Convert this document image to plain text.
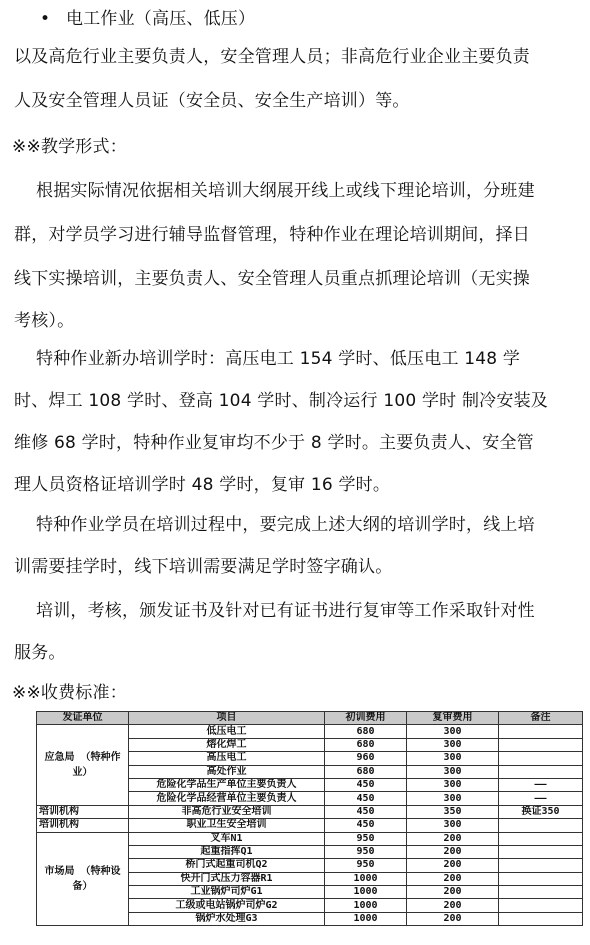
• 电工作业（高压、低压）
以及高危行业主要负责人，安全管理人员；非高危行业企业主要负责
人及安全管理人员证（安全员、安全生产培训）等。
※※教学形式：
根据实际情况依据相关培训大纲展开线上或线下理论培训，分班建
群，对学员学习进行辅导监督管理，特种作业在理论培训期间，择日
线下实操培训，主要负责人、安全管理人员重点抓理论培训（无实操
考核）。
特种作业新办培训学时：高压电工 154 学时、低压电工 148 学
时、焊工 108 学时、登高 104 学时、制冷运行 100 学时 制冷安装及
维修 68 学时，特种作业复审均不少于 8 学时。主要负责人、安全管
理人员资格证培训学时 48 学时，复审 16 学时。
特种作业学员在培训过程中，要完成上述大纲的培训学时，线上培
训需要挂学时，线下培训需要满足学时签字确认。
培训，考核，颁发证书及针对已有证书进行复审等工作采取针对性
服务。
※※收费标准：
发证单位	项目	初训费用	复审费用	备注
应急局 （特种作业）	低压电工	680	300	
	熔化焊工	680	300	
	高压电工	960	300	
	高处作业	680	300	
	危险化学品生产单位主要负责人	450	300	——
	危险化学品经营单位主要负责人	450	300	——
培训机构	非高危行业安全培训	450	350	换证350
培训机构	职业卫生安全培训	450	300	
市场局 （特种设备）	叉车N1	950	200	
	起重指挥Q1	950	200	
	桥门式起重司机Q2	950	200	
	快开门式压力容器R1	1000	200	
	工业锅炉司炉G1	1000	200	
	工级或电站锅炉司炉G2	1000	200	
	锅炉水处理G3	1000	200	
